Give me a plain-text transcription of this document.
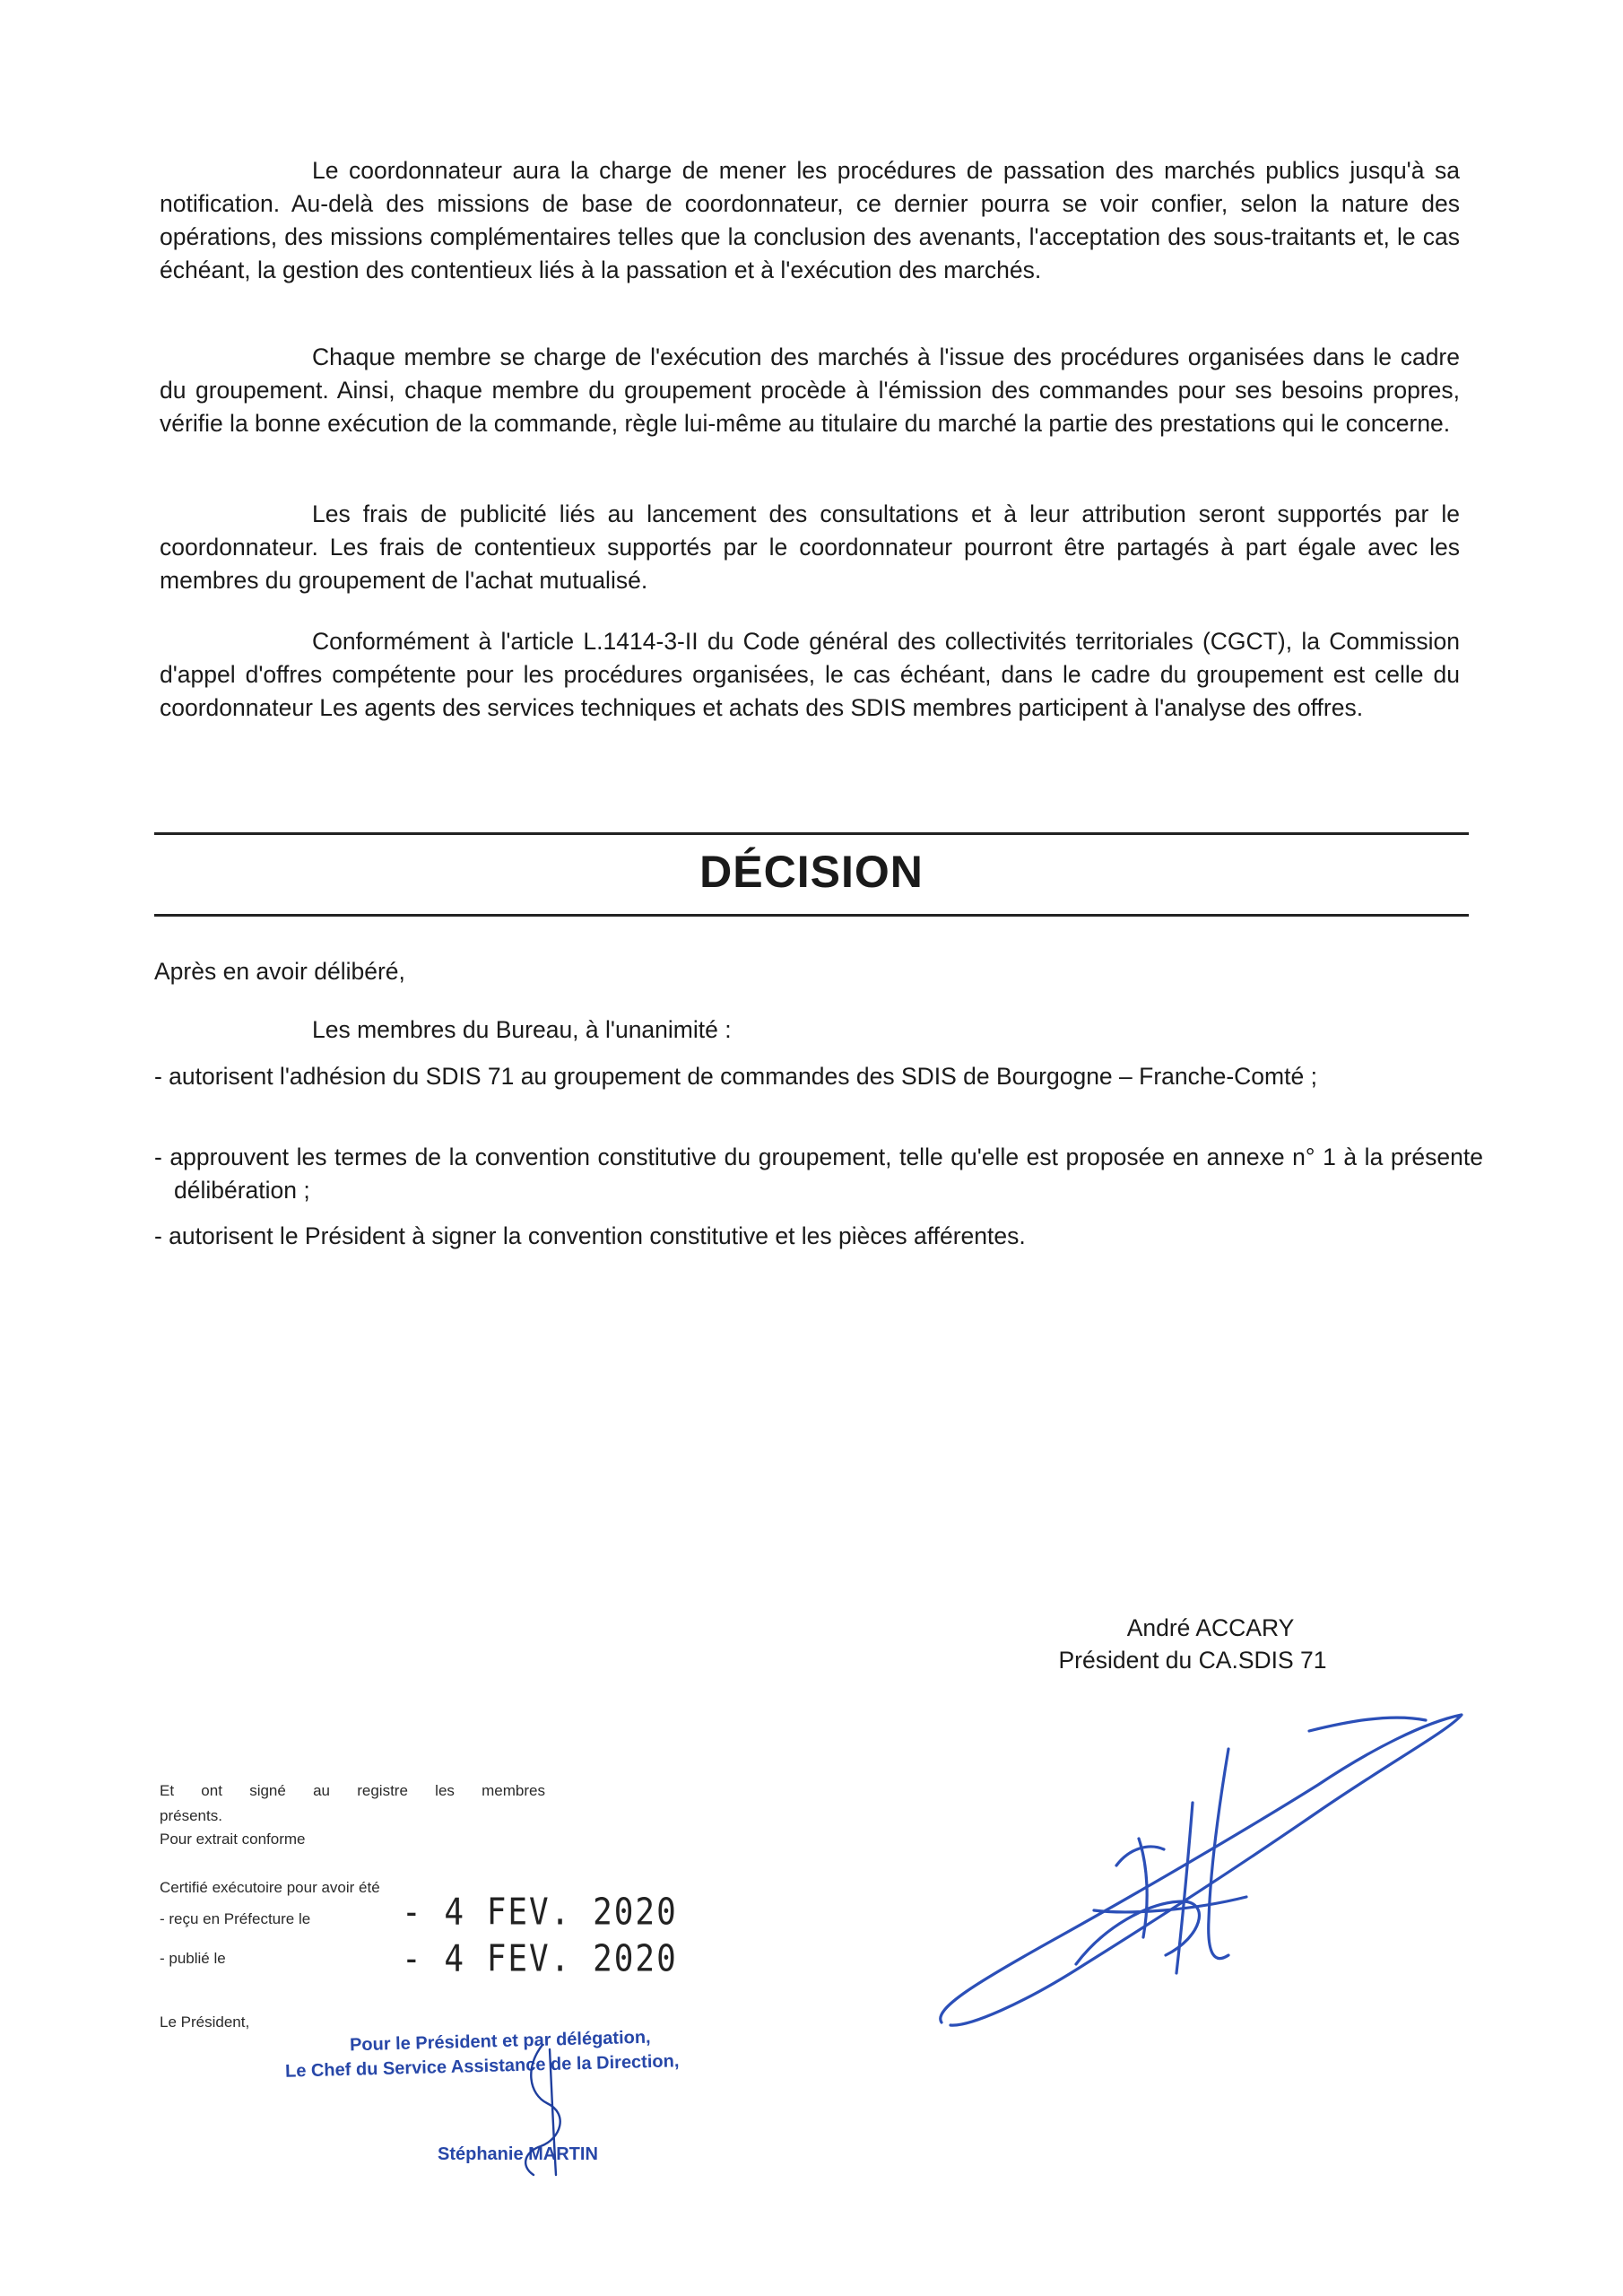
Le coordonnateur aura la charge de mener les procédures de passation des marchés publics jusqu'à sa notification. Au-delà des missions de base de coordonnateur, ce dernier pourra se voir confier, selon la nature des opérations, des missions complémentaires telles que la conclusion des avenants, l'acceptation des sous-traitants et, le cas échéant, la gestion des contentieux liés à la passation et à l'exécution des marchés.

Chaque membre se charge de l'exécution des marchés à l'issue des procédures organisées dans le cadre du groupement. Ainsi, chaque membre du groupement procède à l'émission des commandes pour ses besoins propres, vérifie la bonne exécution de la commande, règle lui-même au titulaire du marché la partie des prestations qui le concerne.

Les frais de publicité liés au lancement des consultations et à leur attribution seront supportés par le coordonnateur. Les frais de contentieux supportés par le coordonnateur pourront être partagés à part égale avec les membres du groupement de l'achat mutualisé.

Conformément à l'article L.1414-3-II du Code général des collectivités territoriales (CGCT), la Commission d'appel d'offres compétente pour les procédures organisées, le cas échéant, dans le cadre du groupement est celle du coordonnateur Les agents des services techniques et achats des SDIS membres participent à l'analyse des offres.

DÉCISION

Après en avoir délibéré,

Les membres du Bureau, à l'unanimité :

- autorisent l'adhésion du SDIS 71 au groupement de commandes des SDIS de Bourgogne – Franche-Comté ;

- approuvent les termes de la convention constitutive du groupement, telle qu'elle est proposée en annexe n° 1 à la présente délibération ;

- autorisent le Président à signer la convention constitutive et les pièces afférentes.

André ACCARY
Président du CA.SDIS 71
Et ont signé au registre les membres
présents.
Pour extrait conforme
Certifié exécutoire pour avoir été
- reçu en Préfecture le	- 4 FEV. 2020
- publié le	- 4 FEV. 2020
Le Président,
Pour le Président et par délégation,
Le Chef du Service Assistance de la Direction,
Stéphanie MARTIN
